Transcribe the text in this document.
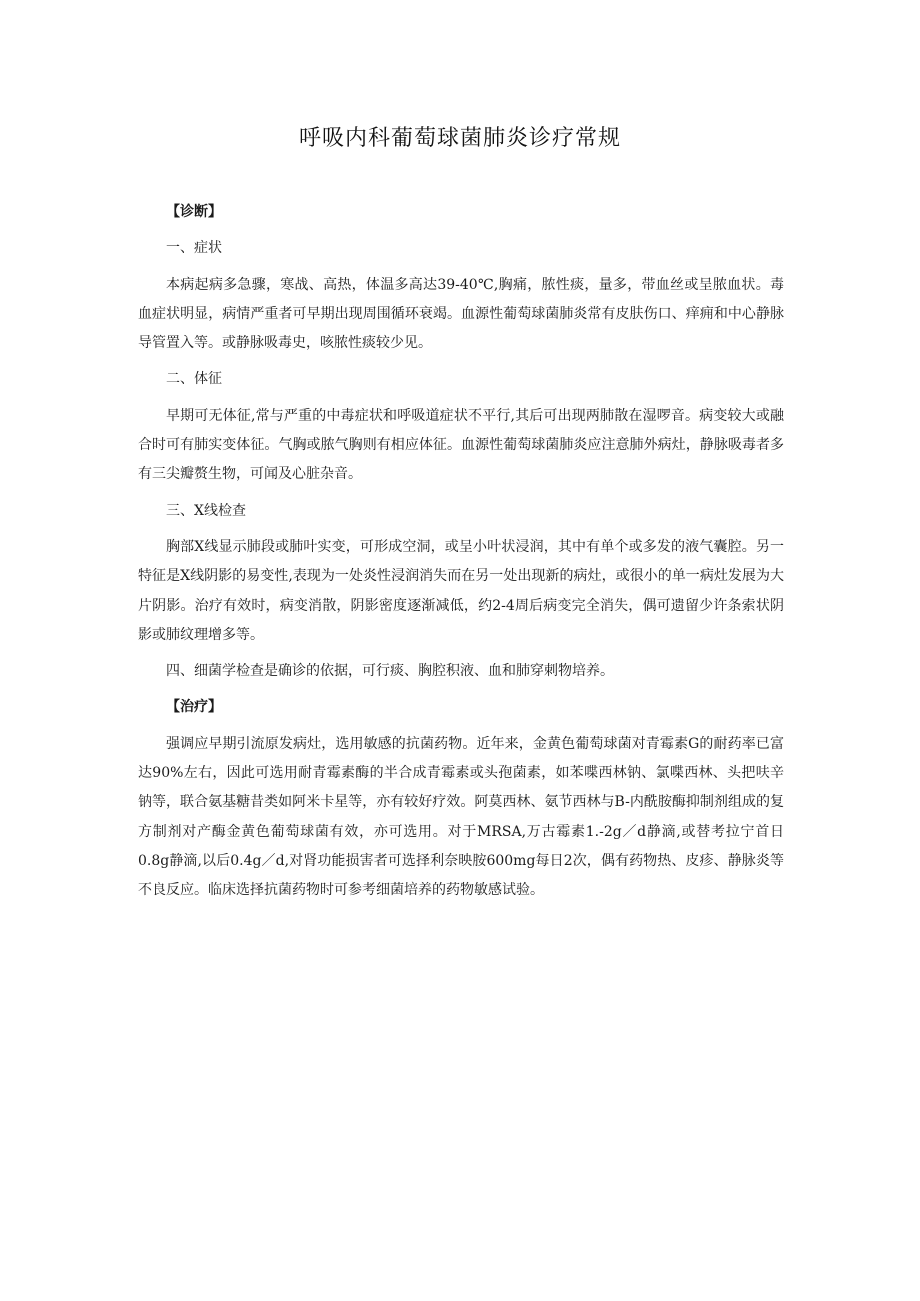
呼吸内科葡萄球菌肺炎诊疗常规

【诊断】

一、症状

本病起病多急骤，寒战、高热，体温多高达39-40℃,胸痛，脓性痰，量多，带血丝或呈脓血状。毒血症状明显，病情严重者可早期出现周围循环衰竭。血源性葡萄球菌肺炎常有皮肤伤口、痒痈和中心静脉导管置入等。或静脉吸毒史，咳脓性痰较少见。

二、体征

早期可无体征,常与严重的中毒症状和呼吸道症状不平行,其后可出现两肺散在湿啰音。病变较大或融合时可有肺实变体征。气胸或脓气胸则有相应体征。血源性葡萄球菌肺炎应注意肺外病灶，静脉吸毒者多有三尖瓣赘生物，可闻及心脏杂音。

三、X线检查

胸部X线显示肺段或肺叶实变，可形成空洞，或呈小叶状浸润，其中有单个或多发的液气囊腔。另一特征是X线阴影的易变性,表现为一处炎性浸润消失而在另一处出现新的病灶，或很小的单一病灶发展为大片阴影。治疗有效时，病变消散，阴影密度逐渐减低，约2-4周后病变完全消失，偶可遗留少许条索状阴影或肺纹理增多等。

四、细菌学检查是确诊的依据，可行痰、胸腔积液、血和肺穿刺物培养。

【治疗】

强调应早期引流原发病灶，选用敏感的抗菌药物。近年来，金黄色葡萄球菌对青霉素G的耐药率已富达90%左右，因此可选用耐青霉素酶的半合成青霉素或头孢菌素，如苯喋西林钠、氯喋西林、头把呋辛钠等，联合氨基糖昔类如阿米卡星等，亦有较好疗效。阿莫西林、氨节西林与B-内酰胺酶抑制剂组成的复方制剂对产酶金黄色葡萄球菌有效，亦可选用。对于MRSA,万古霉素1.-2g／d静滴,或替考拉宁首日0.8g静滴,以后0.4g／d,对肾功能损害者可选择利奈映胺600mg每日2次，偶有药物热、皮疹、静脉炎等不良反应。临床选择抗菌药物时可参考细菌培养的药物敏感试验。
